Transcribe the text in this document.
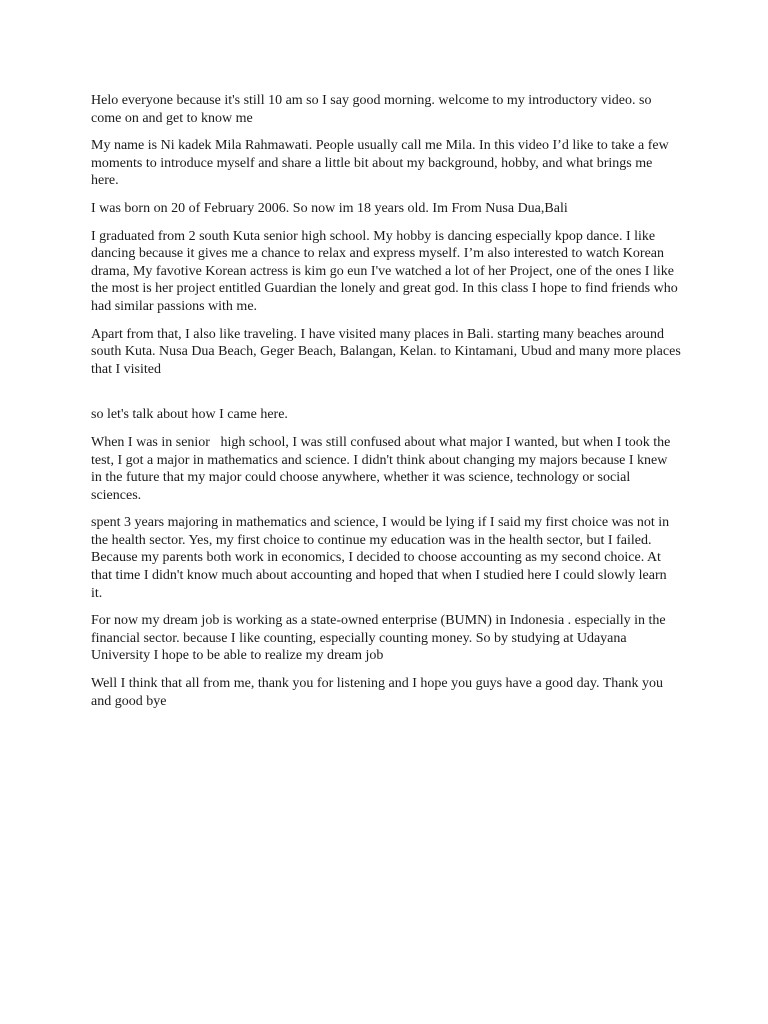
Helo everyone because it's still 10 am so I say good morning. welcome to my introductory video. so come on and get to know me

My name is Ni kadek Mila Rahmawati. People usually call me Mila. In this video I’d like to take a few moments to introduce myself and share a little bit about my background, hobby, and what brings me here.

I was born on 20 of February 2006. So now im 18 years old. Im From Nusa Dua,Bali

I graduated from 2 south Kuta senior high school. My hobby is dancing especially kpop dance. I like dancing because it gives me a chance to relax and express myself. I’m also interested to watch Korean drama, My favotive Korean actress is kim go eun I've watched a lot of her Project, one of the ones I like the most is her project entitled Guardian the lonely and great god. In this class I hope to find friends who had similar passions with me.

Apart from that, I also like traveling. I have visited many places in Bali. starting many beaches around south Kuta. Nusa Dua Beach, Geger Beach, Balangan, Kelan. to Kintamani, Ubud and many more places that I visited

so let's talk about how I came here.

When I was in senior   high school, I was still confused about what major I wanted, but when I took the test, I got a major in mathematics and science. I didn't think about changing my majors because I knew in the future that my major could choose anywhere, whether it was science, technology or social sciences.

spent 3 years majoring in mathematics and science, I would be lying if I said my first choice was not in the health sector. Yes, my first choice to continue my education was in the health sector, but I failed. Because my parents both work in economics, I decided to choose accounting as my second choice. At that time I didn't know much about accounting and hoped that when I studied here I could slowly learn it.

For now my dream job is working as a state-owned enterprise (BUMN) in Indonesia . especially in the financial sector. because I like counting, especially counting money. So by studying at Udayana University I hope to be able to realize my dream job

Well I think that all from me, thank you for listening and I hope you guys have a good day. Thank you and good bye
